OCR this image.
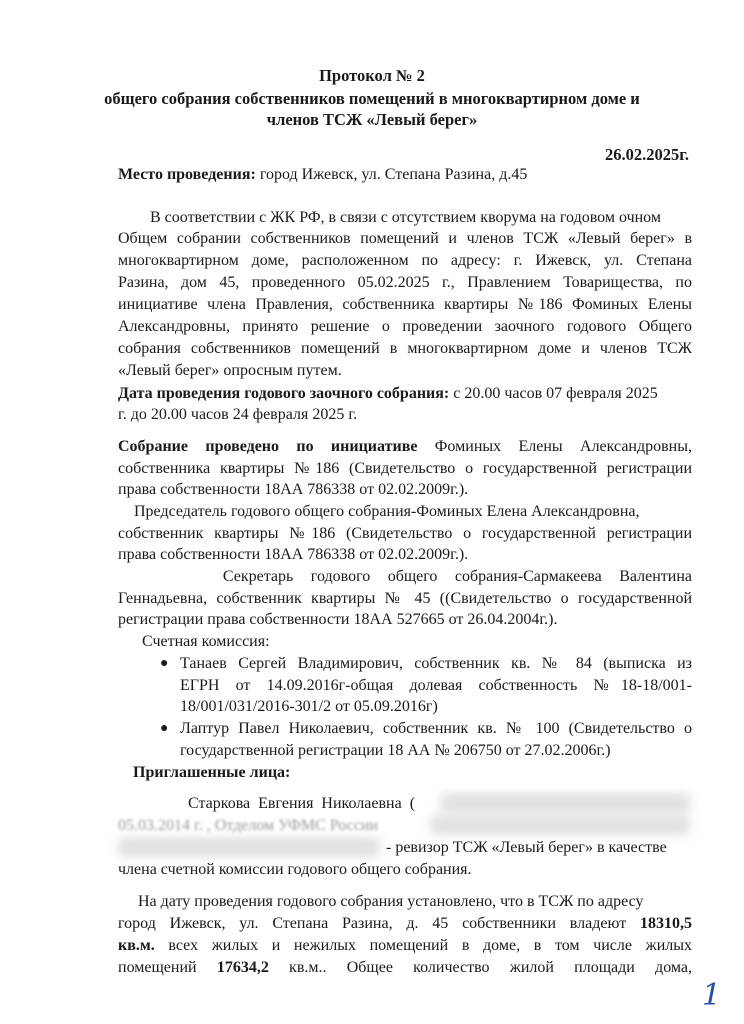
Протокол № 2
общего собрания собственников помещений в многоквартирном доме и
членов ТСЖ «Левый берег»
26.02.2025г.
Место проведения: город Ижевск, ул. Степана Разина, д.45
В соответствии с ЖК РФ, в связи с отсутствием кворума на годовом очном
Общем собрании собственников помещений и членов ТСЖ «Левый берег» в
многоквартирном доме, расположенном по адресу: г. Ижевск, ул. Степана
Разина, дом 45, проведенного 05.02.2025 г., Правлением Товарищества, по
инициативе члена Правления, собственника квартиры №186 Фоминых Елены
Александровны, принято решение о проведении заочного годового Общего
собрания собственников помещений в многоквартирном доме и членов ТСЖ
«Левый берег» опросным путем.
Дата проведения годового заочного собрания: с 20.00 часов 07 февраля 2025
г. до 20.00 часов 24 февраля 2025 г.
Собрание проведено по инициативе Фоминых Елены Александровны,
собственника квартиры №186 (Свидетельство о государственной регистрации
права собственности 18АА 786338 от 02.02.2009г.).
Председатель годового общего собрания-Фоминых Елена Александровна,
собственник квартиры №186 (Свидетельство о государственной регистрации
права собственности 18АА 786338 от 02.02.2009г.).
Секретарь годового общего собрания-Сармакеева Валентина
Геннадьевна, собственник квартиры № 45 ((Свидетельство о государственной
регистрации права собственности 18АА 527665 от 26.04.2004г.).
Счетная комиссия:
● Танаев Сергей Владимирович, собственник кв. № 84 (выписка из
ЕГРН от 14.09.2016г-общая долевая собственность №18-18/001-
18/001/031/2016-301/2 от 05.09.2016г)
● Лаптур Павел Николаевич, собственник кв. № 100 (Свидетельство о
государственной регистрации 18 АА № 206750 от 27.02.2006г.)
Приглашенные лица:
Старкова Евгения Николаевна (
05.03.2014 г. , Отделом УФМС России
- ревизор ТСЖ «Левый берег» в качестве
члена счетной комиссии годового общего собрания.
На дату проведения годового собрания установлено, что в ТСЖ по адресу
город Ижевск, ул. Степана Разина, д. 45 собственники владеют 18310,5
кв.м. всех жилых и нежилых помещений в доме, в том числе жилых
помещений 17634,2 кв.м.. Общее количество жилой площади дома,
1
